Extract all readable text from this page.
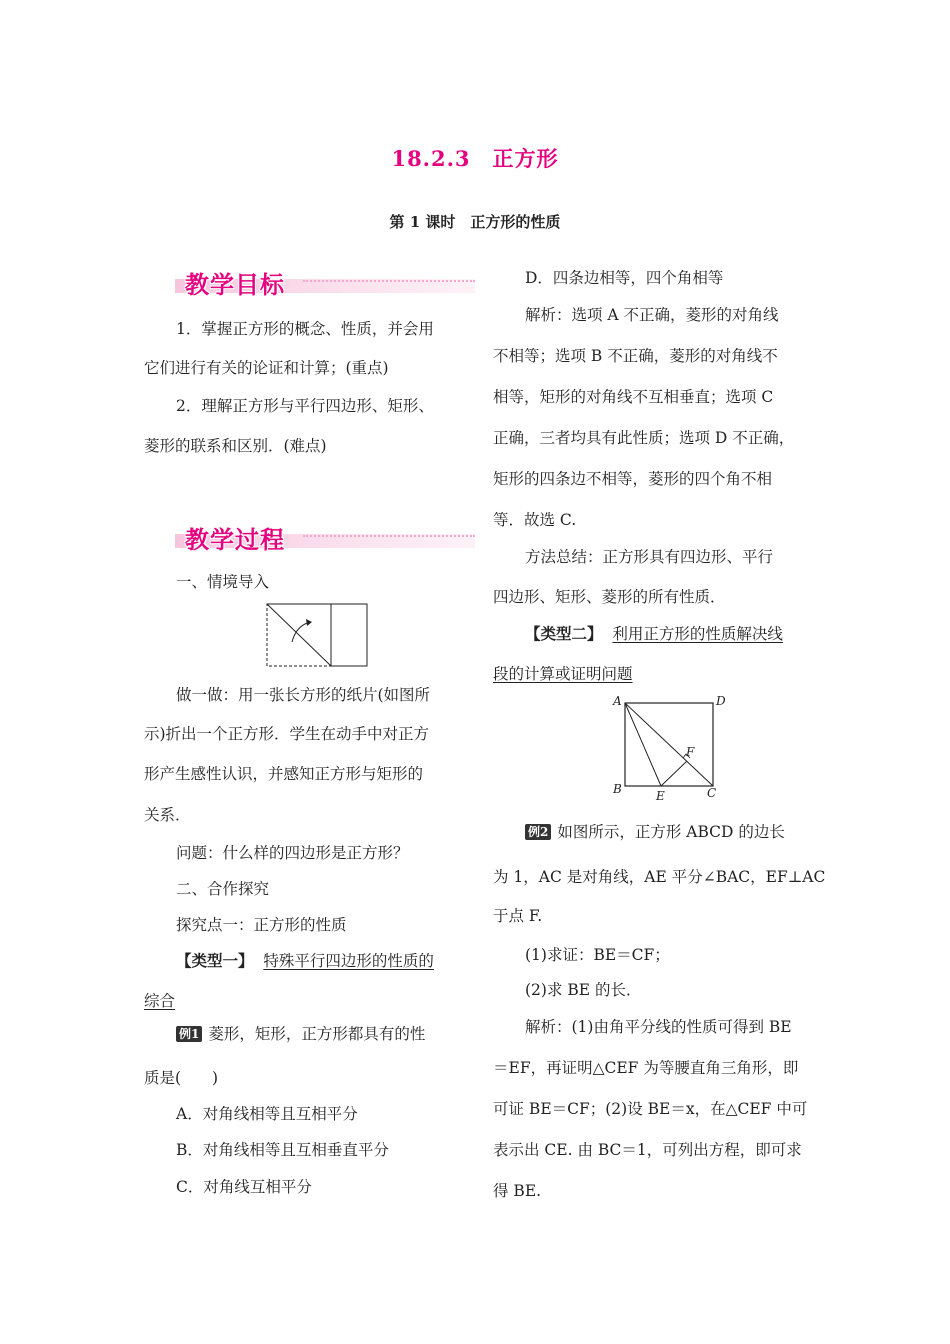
18.2.3　正方形
第 1 课时　正方形的性质
教学目标
1．掌握正方形的概念、性质，并会用
它们进行有关的论证和计算；(重点)
2．理解正方形与平行四边形、矩形、
菱形的联系和区别．(难点)
教学过程
一、情境导入
做一做：用一张长方形的纸片(如图所
示)折出一个正方形．学生在动手中对正方
形产生感性认识，并感知正方形与矩形的
关系．
问题：什么样的四边形是正方形？
二、合作探究
探究点一：正方形的性质
【类型一】 特殊平行四边形的性质的
综合
例1 菱形，矩形，正方形都具有的性
质是(　　)
A．对角线相等且互相平分
B．对角线相等且互相垂直平分
C．对角线互相平分
D．四条边相等，四个角相等
解析：选项 A 不正确，菱形的对角线
不相等；选项 B 不正确，菱形的对角线不
相等，矩形的对角线不互相垂直；选项 C
正确，三者均具有此性质；选项 D 不正确，
矩形的四条边不相等，菱形的四个角不相
等．故选 C.
方法总结：正方形具有四边形、平行
四边形、矩形、菱形的所有性质．
【类型二】 利用正方形的性质解决线
段的计算或证明问题
A	D
B	E	C
F
例2 如图所示，正方形 ABCD 的边长
为 1，AC 是对角线，AE 平分∠BAC，EF⊥AC
于点 F.
(1)求证：BE＝CF；
(2)求 BE 的长．
解析：(1)由角平分线的性质可得到 BE
＝EF，再证明△CEF 为等腰直角三角形，即
可证 BE＝CF；(2)设 BE＝x，在△CEF 中可
表示出 CE. 由 BC＝1，可列出方程，即可求
得 BE.
